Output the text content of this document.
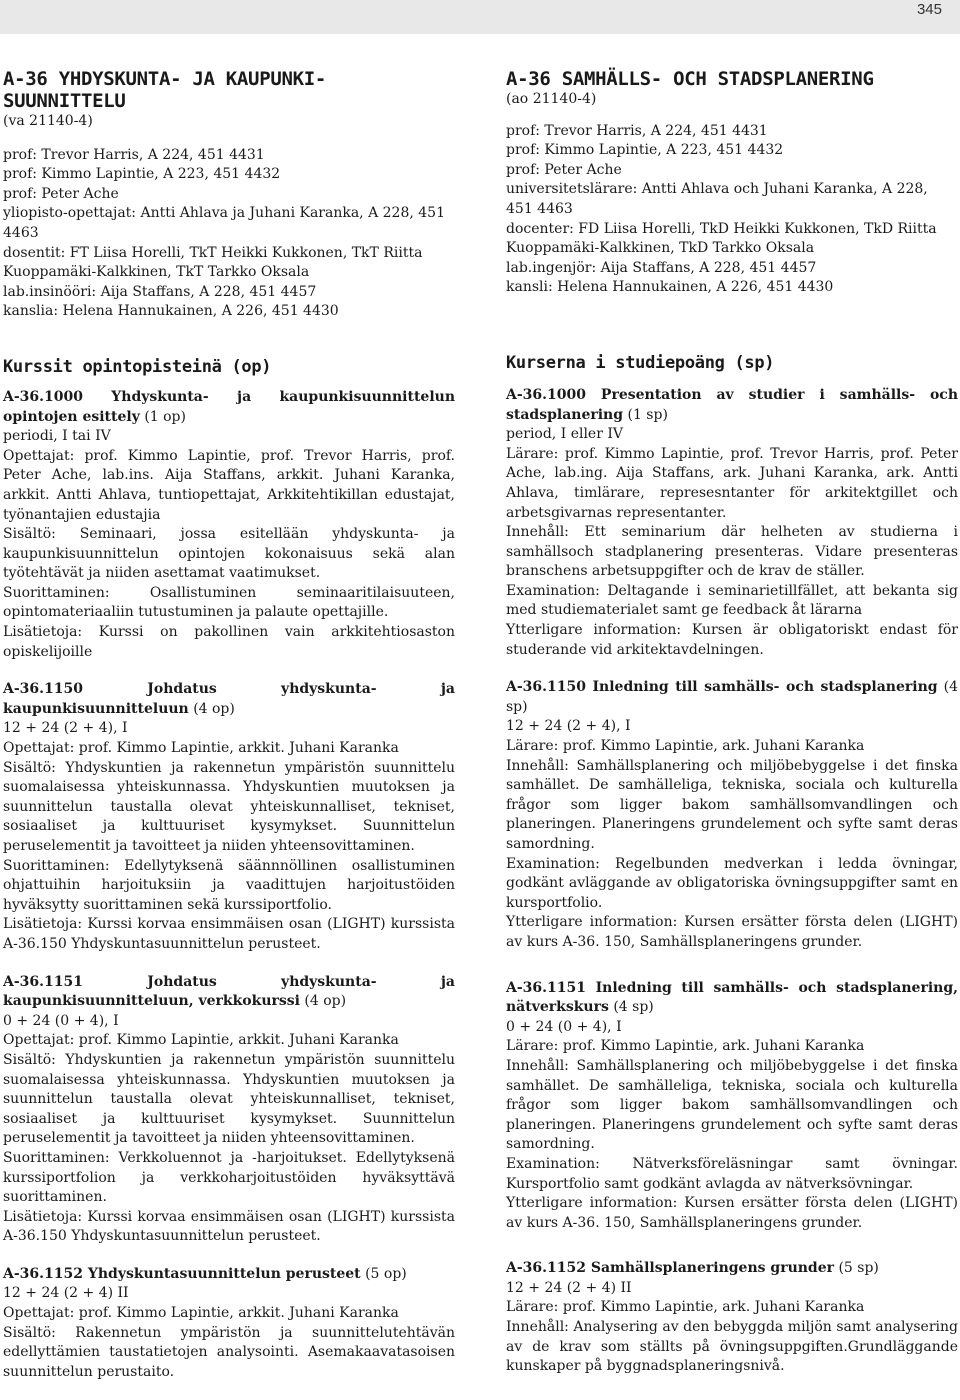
345
A-36 YHDYSKUNTA- JA KAUPUNKI-SUUNNITTELU

(va 21140-4)

prof: Trevor Harris, A 224, 451 4431

prof: Kimmo Lapintie, A 223, 451 4432

prof: Peter Ache

yliopisto-opettajat: Antti Ahlava ja Juhani Karanka, A 228, 451 4463

dosentit: FT Liisa Horelli, TkT Heikki Kukkonen, TkT Riitta Kuoppamäki-Kalkkinen, TkT Tarkko Oksala

lab.insinööri: Aija Staffans, A 228, 451 4457

kanslia: Helena Hannukainen, A 226, 451 4430

Kurssit opintopisteinä (op)

A-36.1000 Yhdyskunta- ja kaupunkisuunnittelun opintojen esittely (1 op)

periodi, I tai IV

Opettajat: prof. Kimmo Lapintie, prof. Trevor Harris, prof. Peter Ache, lab.ins. Aija Staffans, arkkit. Juhani Karanka, arkkit. Antti Ahlava, tuntiopettajat, Arkkitehtikillan edustajat, työnantajien edustajia

Sisältö: Seminaari, jossa esitellään yhdyskunta- ja kaupunkisuunnittelun opintojen kokonaisuus sekä alan työtehtävät ja niiden asettamat vaatimukset.

Suorittaminen: Osallistuminen seminaaritilaisuuteen, opintomateriaaliin tutustuminen ja palaute opettajille.

Lisätietoja: Kurssi on pakollinen vain arkkitehtiosaston opiskelijoille

A-36.1150 Johdatus yhdyskunta- ja kaupunkisuunnitteluun (4 op)

12 + 24 (2 + 4), I

Opettajat: prof. Kimmo Lapintie, arkkit. Juhani Karanka

Sisältö: Yhdyskuntien ja rakennetun ympäristön suunnittelu suomalaisessa yhteiskunnassa. Yhdyskuntien muutoksen ja suunnittelun taustalla olevat yhteiskunnalliset, tekniset, sosiaaliset ja kulttuuriset kysymykset. Suunnittelun peruselementit ja tavoitteet ja niiden yhteensovittaminen.

Suorittaminen: Edellytyksenä säännnöllinen osallistuminen ohjattuihin harjoituksiin ja vaadittujen harjoitustöiden hyväksytty suorittaminen sekä kurssiportfolio.

Lisätietoja: Kurssi korvaa ensimmäisen osan (LIGHT) kurssista A-36.150 Yhdyskuntasuunnittelun perusteet.

A-36.1151 Johdatus yhdyskunta- ja kaupunkisuunnitteluun, verkkokurssi (4 op)

0 + 24 (0 + 4), I

Opettajat: prof. Kimmo Lapintie, arkkit. Juhani Karanka

Sisältö: Yhdyskuntien ja rakennetun ympäristön suunnittelu suomalaisessa yhteiskunnassa. Yhdyskuntien muutoksen ja suunnittelun taustalla olevat yhteiskunnalliset, tekniset, sosiaaliset ja kulttuuriset kysymykset. Suunnittelun peruselementit ja tavoitteet ja niiden yhteensovittaminen.

Suorittaminen: Verkkoluennot ja -harjoitukset. Edellytyksenä kurssiportfolion ja verkkoharjoitustöiden hyväksyttävä suorittaminen.

Lisätietoja: Kurssi korvaa ensimmäisen osan (LIGHT) kurssista A-36.150 Yhdyskuntasuunnittelun perusteet.

A-36.1152 Yhdyskuntasuunnittelun perusteet (5 op)

12 + 24 (2 + 4) II

Opettajat: prof. Kimmo Lapintie, arkkit. Juhani Karanka

Sisältö: Rakennetun ympäristön ja suunnittelutehtävän edellyttämien taustatietojen analysointi. Asemakaavatasoisen suunnittelun perustaito.

A-36 SAMHÄLLS- OCH STADSPLANERING

(ao 21140-4)

prof: Trevor Harris, A 224, 451 4431

prof: Kimmo Lapintie, A 223, 451 4432

prof: Peter Ache

universitetslärare: Antti Ahlava och Juhani Karanka, A 228, 451 4463

docenter: FD Liisa Horelli, TkD Heikki Kukkonen, TkD Riitta Kuoppamäki-Kalkkinen, TkD Tarkko Oksala

lab.ingenjör: Aija Staffans, A 228, 451 4457

kansli: Helena Hannukainen, A 226, 451 4430

Kurserna i studiepoäng (sp)

A-36.1000 Presentation av studier i samhälls- och stadsplanering (1 sp)

period, I eller IV

Lärare: prof. Kimmo Lapintie, prof. Trevor Harris, prof. Peter Ache, lab.ing. Aija Staffans, ark. Juhani Karanka, ark. Antti Ahlava, timlärare, represesntanter för arkitektgillet och arbetsgivarnas representanter.

Innehåll: Ett seminarium där helheten av studierna i samhällsoch stadplanering presenteras. Vidare presenteras branschens arbetsuppgifter och de krav de ställer.

Examination: Deltagande i seminarietillfället, att bekanta sig med studiematerialet samt ge feedback åt lärarna

Ytterligare information: Kursen är obligatoriskt endast för studerande vid arkitektavdelningen.

A-36.1150 Inledning till samhälls- och stadsplanering (4 sp)

12 + 24 (2 + 4), I

Lärare: prof. Kimmo Lapintie, ark. Juhani Karanka

Innehåll: Samhällsplanering och miljöbebyggelse i det finska samhället. De samhälleliga, tekniska, sociala och kulturella frågor som ligger bakom samhällsomvandlingen och planeringen. Planeringens grundelement och syfte samt deras samordning.

Examination: Regelbunden medverkan i ledda övningar, godkänt avläggande av obligatoriska övningsuppgifter samt en kursportfolio.

Ytterligare information: Kursen ersätter första delen (LIGHT) av kurs A-36. 150, Samhällsplaneringens grunder.

A-36.1151 Inledning till samhälls- och stadsplanering, nätverkskurs (4 sp)

0 + 24 (0 + 4), I

Lärare: prof. Kimmo Lapintie, ark. Juhani Karanka

Innehåll: Samhällsplanering och miljöbebyggelse i det finska samhället. De samhälleliga, tekniska, sociala och kulturella frågor som ligger bakom samhällsomvandlingen och planeringen. Planeringens grundelement och syfte samt deras samordning.

Examination: Nätverksföreläsningar samt övningar. Kursportfolio samt godkänt avlagda av nätverksövningar.

Ytterligare information: Kursen ersätter första delen (LIGHT) av kurs A-36. 150, Samhällsplaneringens grunder.

A-36.1152 Samhällsplaneringens grunder (5 sp)

12 + 24 (2 + 4) II

Lärare: prof. Kimmo Lapintie, ark. Juhani Karanka

Innehåll: Analysering av den bebyggda miljön samt analysering av de krav som ställts på övningsuppgiften.Grundläggande kunskaper på byggnadsplaneringsnivå.
